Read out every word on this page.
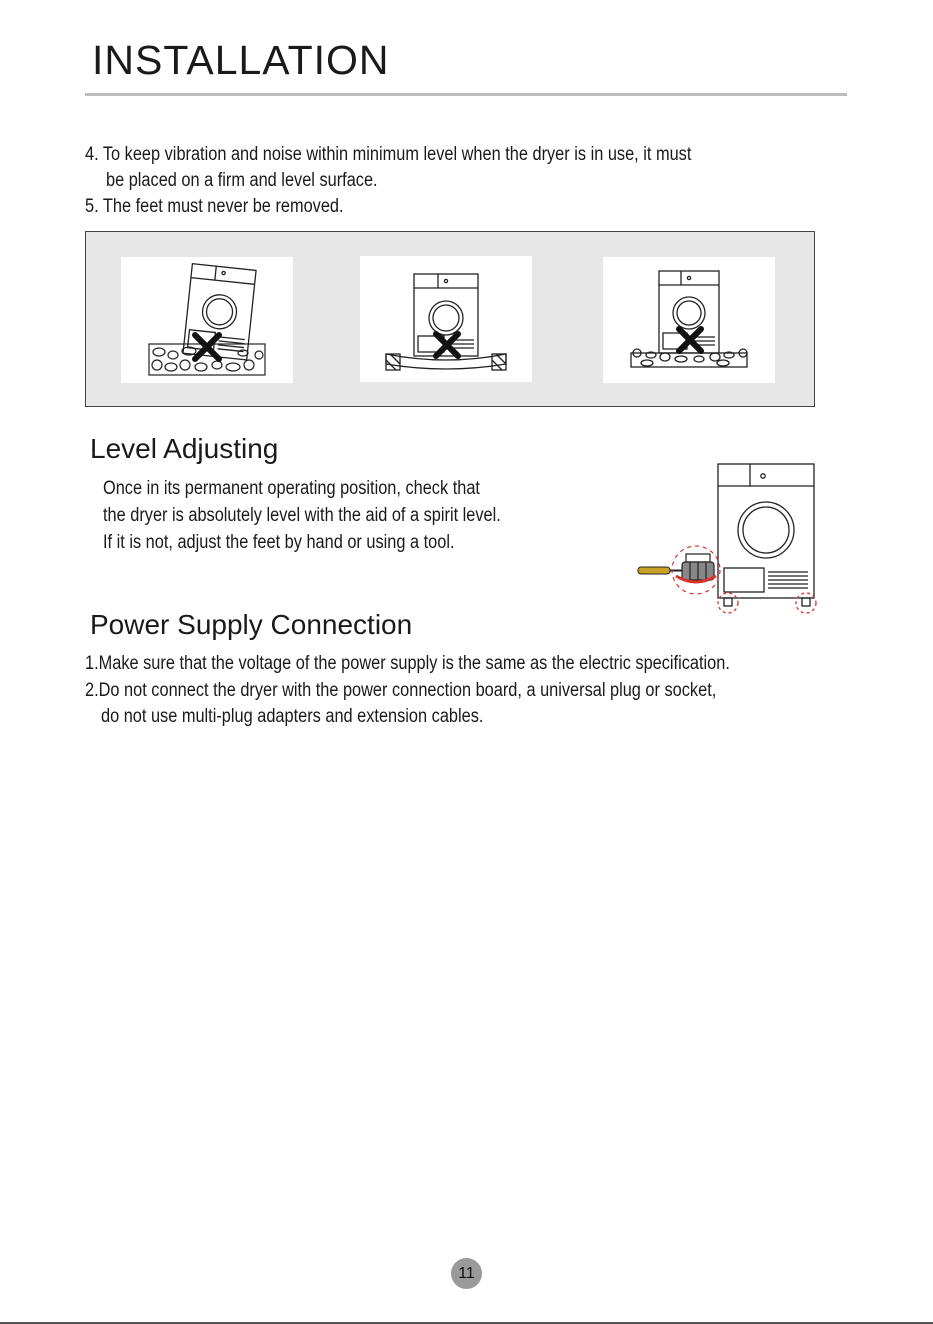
INSTALLATION
4. To keep vibration and noise within minimum level when the dryer is in use, it must
be placed on a firm and level surface.
5. The feet must never be removed.
Level Adjusting
Once in its permanent operating position, check that
the dryer is absolutely level with the aid of a spirit level.
If it is not, adjust the feet by hand or using a tool.
Power Supply Connection
1.Make sure that the voltage of the power supply is the same as the electric specification.
2.Do not connect the dryer with the power connection board, a universal plug or socket,
do not use multi-plug adapters and extension cables.
11
